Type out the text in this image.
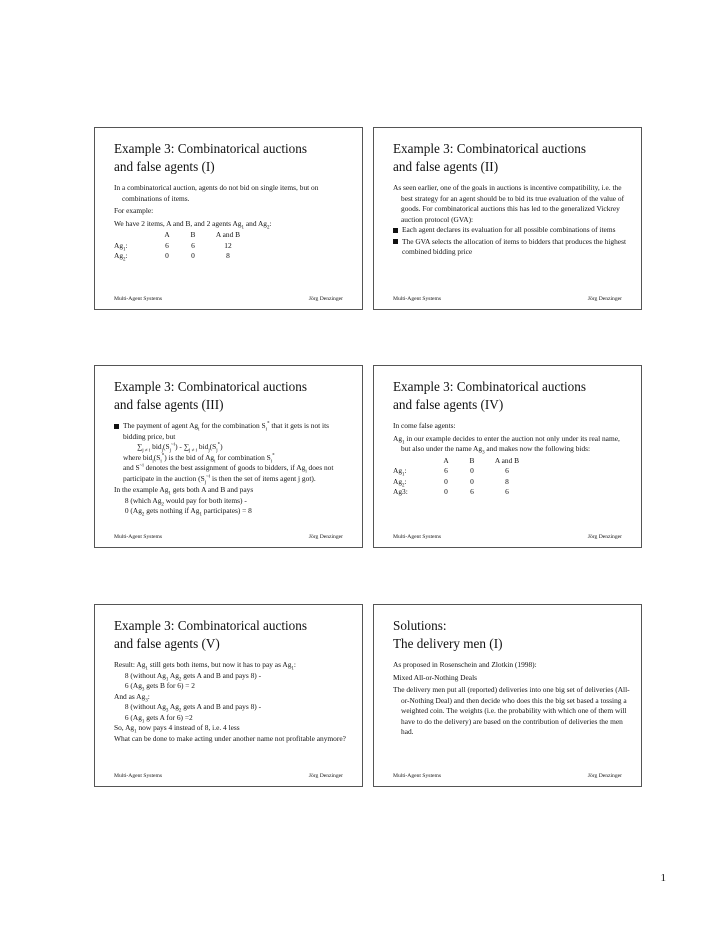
Example 3: Combinatorical auctions
and false agents (I)

In a combinatorical auction, agents do not bid on single items, but on combinations of items.

For example:

We have 2 items, A and B, and 2 agents $Ag_1$ and $Ag_2$:

A	B	A and B
$Ag_1$:	6	6	12
$Ag_2$:	0	0	8
Multi-Agent Systems	Jörg Denzinger
Example 3: Combinatorical auctions
and false agents (II)

As seen earlier, one of the goals in auctions is incentive compatibility, i.e. the best strategy for an agent should be to bid its true evaluation of the value of goods. For combinatorical auctions this has led to the generalized Vickrey auction protocol (GVA):

Each agent declares its evaluation for all possible combinations of items
The GVA selects the allocation of items to bidders that produces the highest combined bidding price
Multi-Agent Systems	Jörg Denzinger
Example 3: Combinatorical auctions
and false agents (III)
The payment of agent $Ag_i$ for the combination $S_i^*$ that it gets is not its bidding price, but
$\sum_{j \ne i}$ $bid_j(S_j^{\sim i}) - \sum_{j \ne i}$ $bid_j(S_j^*)$
where $bid_i(S_i^*)$ is the bid of $Ag_i$ for combination $S_i^*$
and $S^{\sim i}$ denotes the best assignment of goods to bidders, if $Ag_i$ does not participate in the auction ($S_j^{\sim i}$ is then the set of items agent j got).

In the example $Ag_1$ gets both A and B and pays

8 (which $Ag_2$ would pay for both items) -

0 ($Ag_2$ gets nothing if $Ag_1$ participates) = 8

Multi-Agent Systems	Jörg Denzinger
Example 3: Combinatorical auctions
and false agents (IV)

In come false agents:

$Ag_1$ in our example decides to enter the auction not only under its real name, but also under the name $Ag_3$ and makes now the following bids:

A	B	A and B
$Ag_1$:	6	0	6
$Ag_2$:	0	0	8
Ag3:	0	6	6
Multi-Agent Systems	Jörg Denzinger
Example 3: Combinatorical auctions
and false agents (V)

Result: $Ag_1$ still gets both items, but now it has to pay as $Ag_1$:

8 (without $Ag_1$ $Ag_2$ gets A and B and pays 8) -

6 ($Ag_3$ gets B for 6) = 2

And as $Ag_3$:

8 (without $Ag_3$ $Ag_2$ gets A and B and pays 8) -

6 ($Ag_1$ gets A for 6) =2

So, $Ag_1$ now pays 4 instead of 8, i.e. 4 less

What can be done to make acting under another name not profitable anymore?

Multi-Agent Systems	Jörg Denzinger
Solutions:
The delivery men (I)

As proposed in Rosenschein and Zlotkin (1998):

Mixed All-or-Nothing Deals

The delivery men put all (reported) deliveries into one big set of deliveries (All-or-Nothing Deal) and then decide who does this the big set based a tossing a weighted coin. The weights (i.e. the probability with which one of them will have to do the delivery) are based on the contribution of deliveries the men had.

Multi-Agent Systems	Jörg Denzinger
1
